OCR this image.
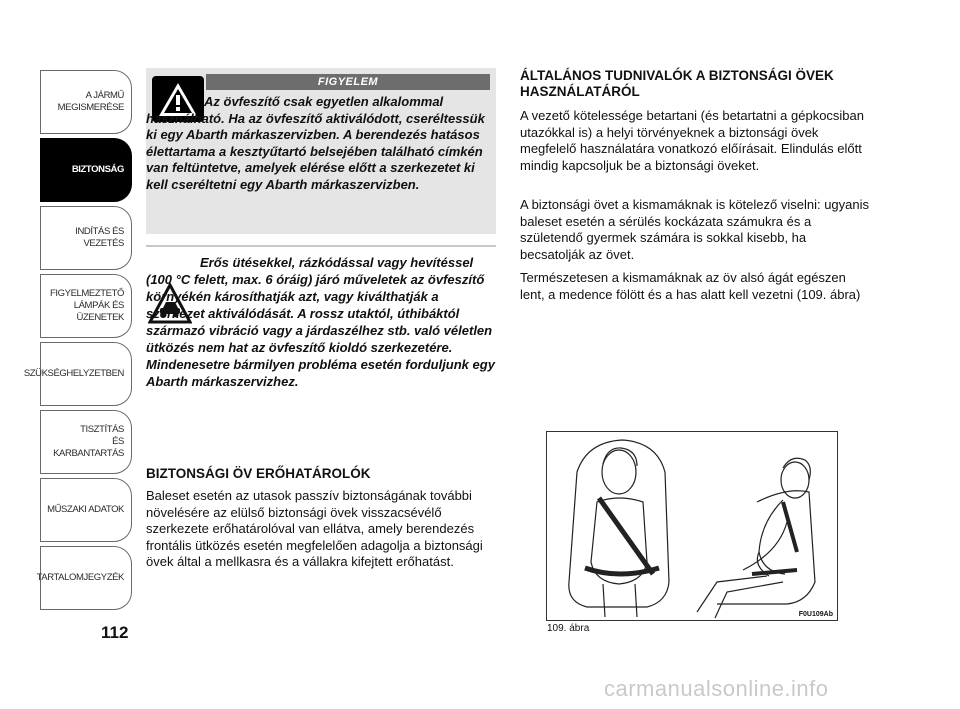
A JÁRMŰ
MEGISMERÉSE
BIZTONSÁG
INDÍTÁS ÉS VEZETÉS
FIGYELMEZTETŐ
LÁMPÁK ÉS
ÜZENETEK
SZÜKSÉGHELYZETBEN
TISZTÍTÁS
ÉS KARBANTARTÁS
MŰSZAKI ADATOK
TARTALOMJEGYZÉK
112
FIGYELEM
Az övfeszítő csak egyetlen alkalommal használható. Ha az övfeszítő aktiválódott, cseréltessük ki egy Abarth márkaszervizben. A berendezés hatásos élettartama a kesztyűtartó belsejében található címkén van feltüntetve, amelyek elérése előtt a szerkezetet ki kell cseréltetni egy Abarth márkaszervizben.
Erős ütésekkel, rázkódással vagy hevítéssel (100 °C felett, max. 6 óráig) járó műveletek az övfeszítő környékén károsíthatják azt, vagy kiválthatják a szerkezet aktiválódását. A rossz utaktól, úthibáktól származó vibráció vagy a járdaszélhez stb. való véletlen ütközés nem hat az övfeszítő kioldó szerkezetére. Mindenesetre bármilyen probléma esetén forduljunk egy Abarth márkaszervizhez.
BIZTONSÁGI ÖV ERŐHATÁROLÓK
Baleset esetén az utasok passzív biztonságának további növelésére az elülső biztonsági övek visszacsévélő szerkezete erőhatárolóval van ellátva, amely berendezés frontális ütközés esetén megfelelően adagolja a biztonsági övek által a mellkasra és a vállakra kifejtett erőhatást.
ÁLTALÁNOS TUDNIVALÓK A BIZTONSÁGI ÖVEK HASZNÁLATÁRÓL
A vezető kötelessége betartani (és betartatni a gépkocsiban utazókkal is) a helyi törvényeknek a biztonsági övek megfelelő használatára vonatkozó előírásait. Elindulás előtt mindig kapcsoljuk be a biztonsági öveket.
A biztonsági övet a kismamáknak is kötelező viselni: ugyanis baleset esetén a sérülés kockázata számukra és a születendő gyermek számára is sokkal kisebb, ha becsatolják az övet.
Természetesen a kismamáknak az öv alsó ágát egészen lent, a medence fölött és a has alatt kell vezetni (109. ábra)
F0U109Ab
109. ábra
carmanualsonline.info
